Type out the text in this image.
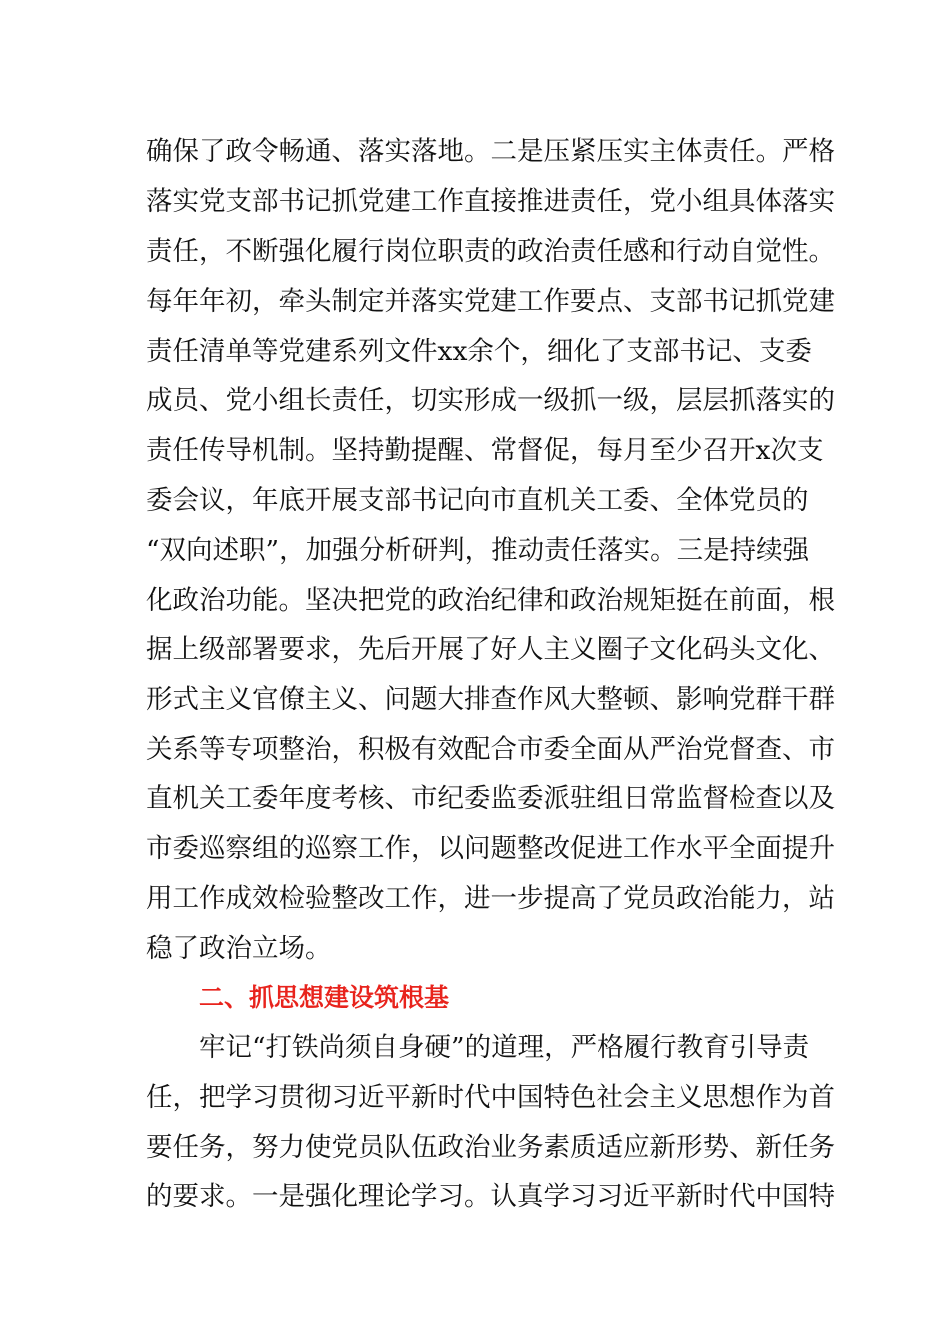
确保了政令畅通、落实落地。二是压紧压实主体责任。严格
落实党支部书记抓党建工作直接推进责任，党小组具体落实
责任，不断强化履行岗位职责的政治责任感和行动自觉性。
每年年初，牵头制定并落实党建工作要点、支部书记抓党建
责任清单等党建系列文件xx余个，细化了支部书记、支委
成员、党小组长责任，切实形成一级抓一级，层层抓落实的
责任传导机制。坚持勤提醒、常督促，每月至少召开x次支
委会议，年底开展支部书记向市直机关工委、全体党员的
“双向述职”，加强分析研判，推动责任落实。三是持续强
化政治功能。坚决把党的政治纪律和政治规矩挺在前面，根
据上级部署要求，先后开展了好人主义圈子文化码头文化、
形式主义官僚主义、问题大排查作风大整顿、影响党群干群
关系等专项整治，积极有效配合市委全面从严治党督查、市
直机关工委年度考核、市纪委监委派驻组日常监督检查以及
市委巡察组的巡察工作，以问题整改促进工作水平全面提升
用工作成效检验整改工作，进一步提高了党员政治能力，站
稳了政治立场。
二、抓思想建设筑根基
牢记“打铁尚须自身硬”的道理，严格履行教育引导责
任，把学习贯彻习近平新时代中国特色社会主义思想作为首
要任务，努力使党员队伍政治业务素质适应新形势、新任务
的要求。一是强化理论学习。认真学习习近平新时代中国特
